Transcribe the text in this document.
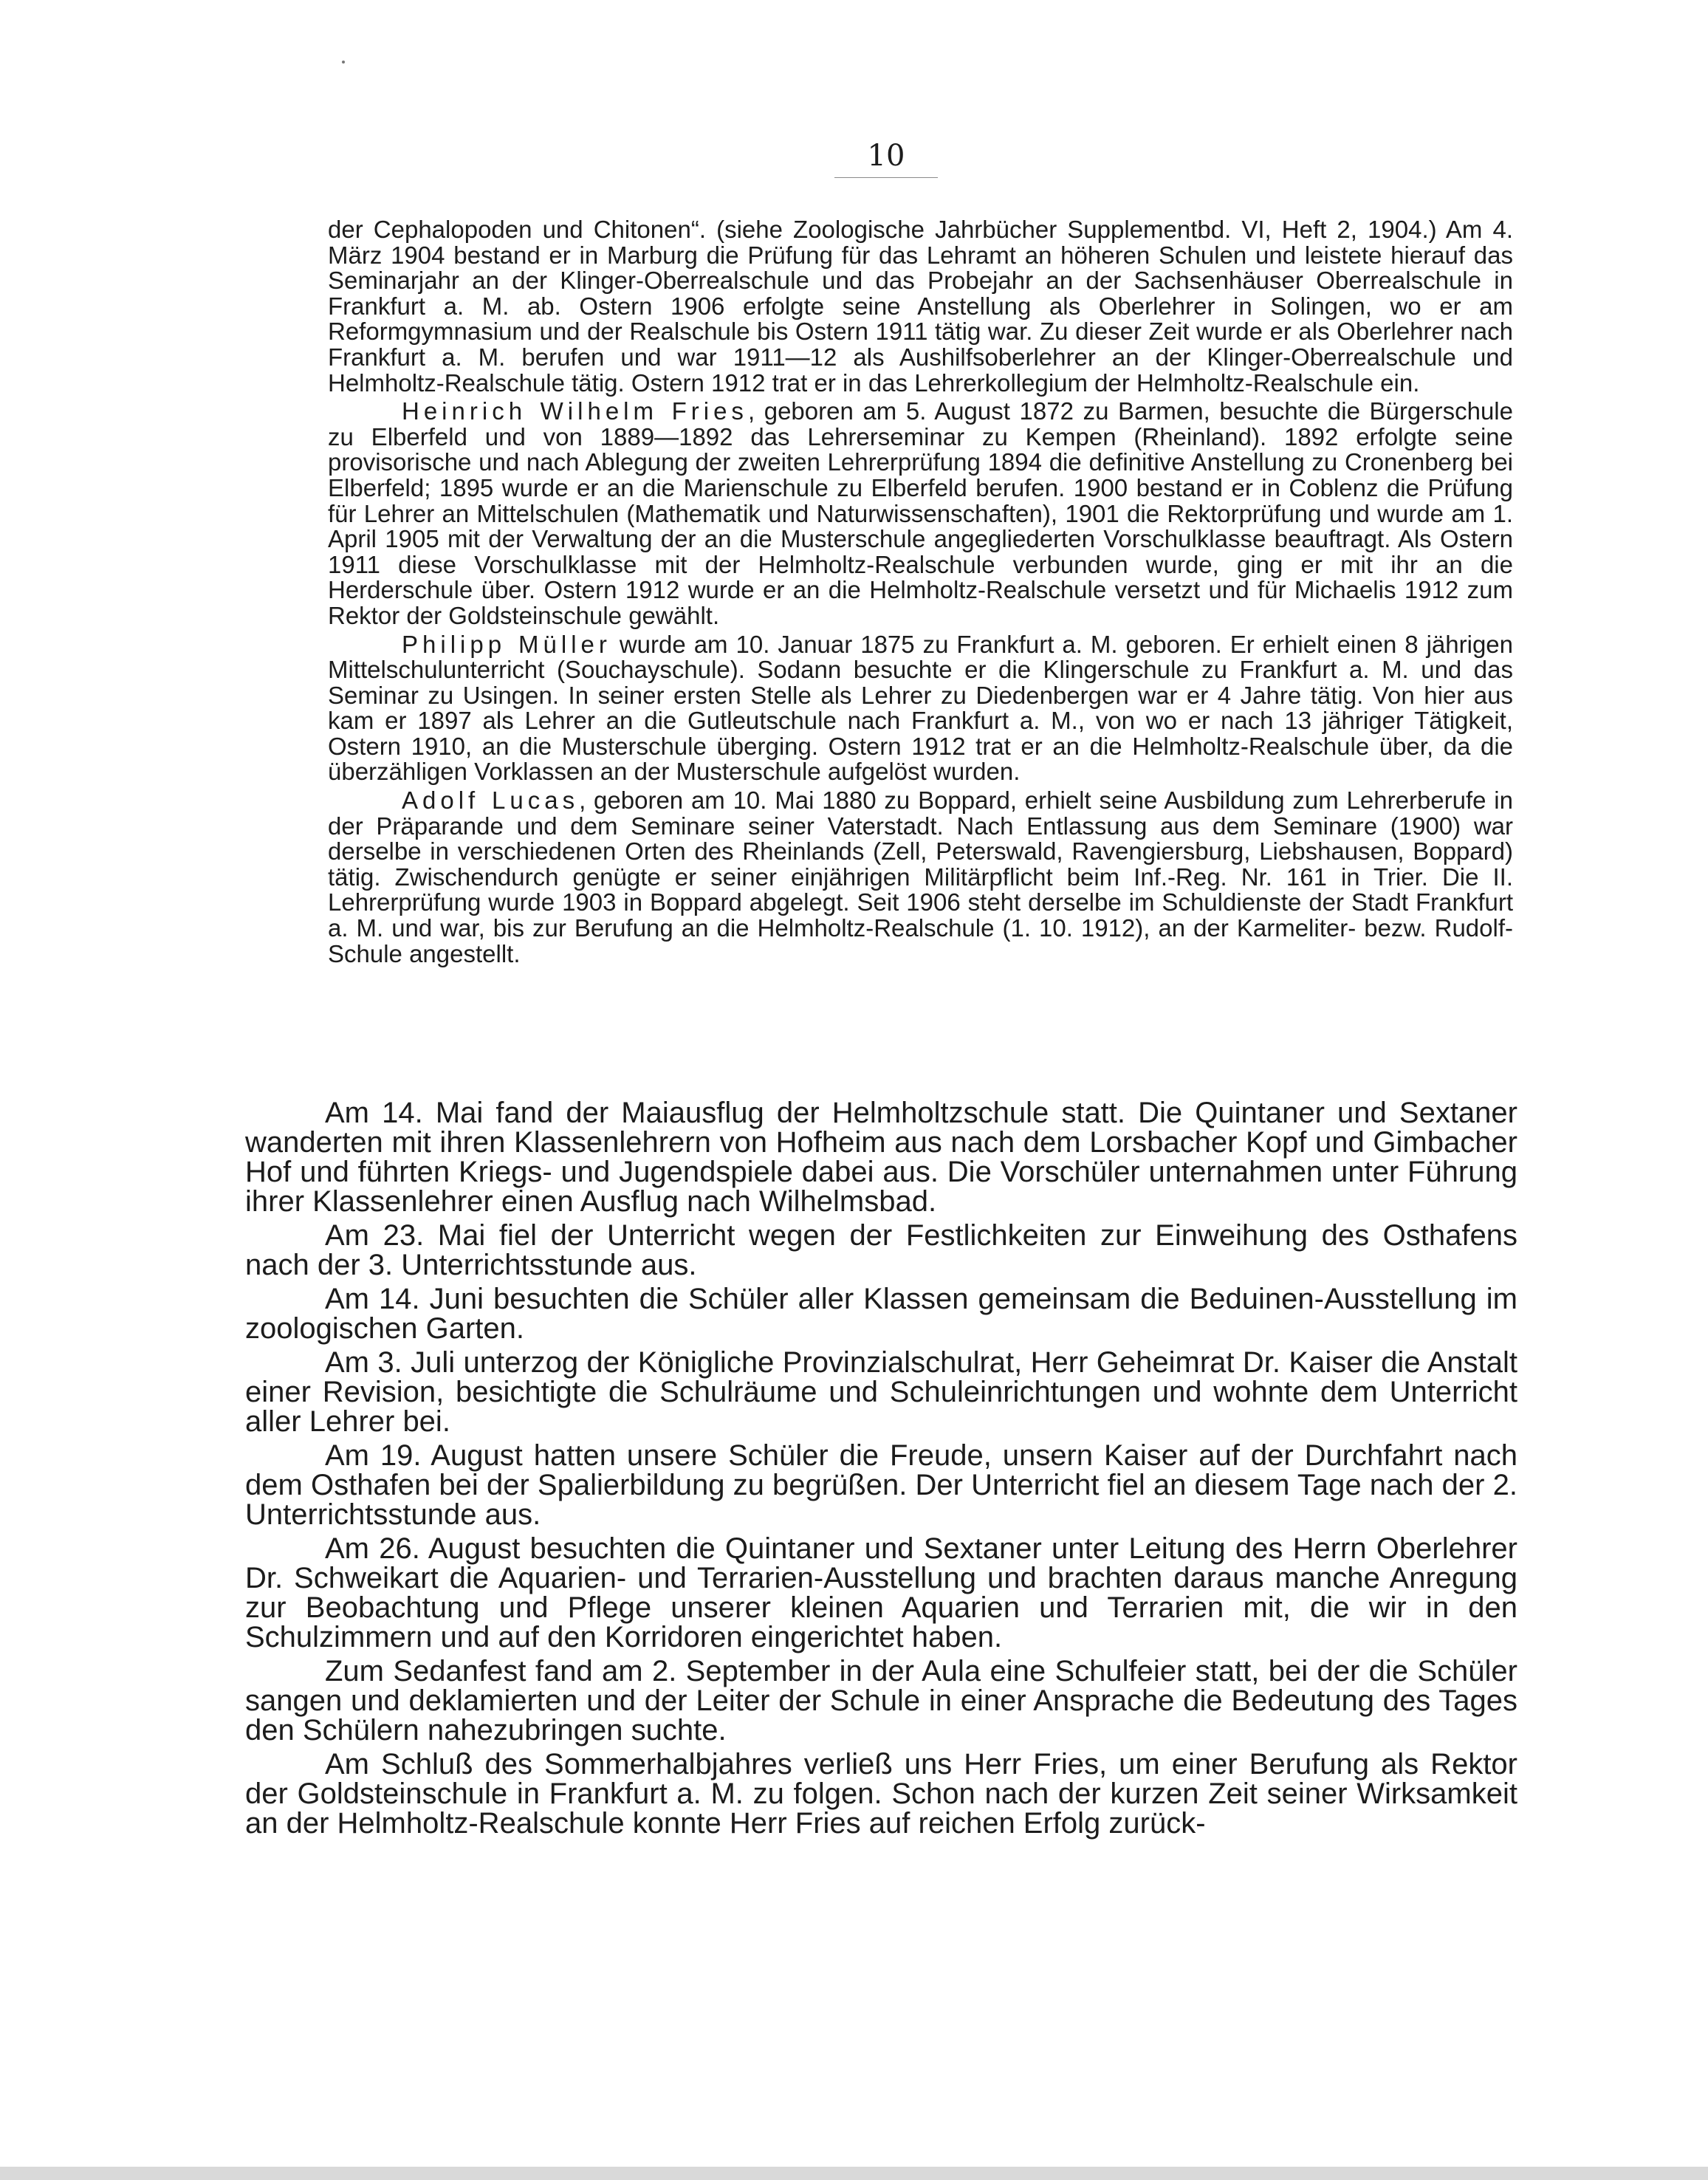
10

der Cephalopoden und Chitonen“. (siehe Zoologische Jahrbücher Supplementbd. VI, Heft 2, 1904.) Am 4. März 1904 bestand er in Marburg die Prüfung für das Lehramt an höheren Schulen und leistete hierauf das Seminarjahr an der Klinger-Oberrealschule und das Probejahr an der Sachsenhäuser Oberrealschule in Frankfurt a. M. ab. Ostern 1906 erfolgte seine Anstellung als Oberlehrer in Solingen, wo er am Reformgymnasium und der Realschule bis Ostern 1911 tätig war. Zu dieser Zeit wurde er als Oberlehrer nach Frankfurt a. M. berufen und war 1911—12 als Aushilfsoberlehrer an der Klinger-Oberrealschule und Helmholtz-Realschule tätig. Ostern 1912 trat er in das Lehrerkollegium der Helmholtz-Realschule ein.

Heinrich Wilhelm Fries, geboren am 5. August 1872 zu Barmen, besuchte die Bürgerschule zu Elberfeld und von 1889—1892 das Lehrerseminar zu Kempen (Rheinland). 1892 erfolgte seine provisorische und nach Ablegung der zweiten Lehrerprüfung 1894 die definitive Anstellung zu Cronenberg bei Elberfeld; 1895 wurde er an die Marienschule zu Elberfeld berufen. 1900 bestand er in Coblenz die Prüfung für Lehrer an Mittelschulen (Mathematik und Naturwissenschaften), 1901 die Rektorprüfung und wurde am 1. April 1905 mit der Verwaltung der an die Musterschule angegliederten Vorschulklasse beauftragt. Als Ostern 1911 diese Vorschulklasse mit der Helmholtz-Realschule verbunden wurde, ging er mit ihr an die Herderschule über. Ostern 1912 wurde er an die Helmholtz-Realschule versetzt und für Michaelis 1912 zum Rektor der Goldsteinschule gewählt.

Philipp Müller wurde am 10. Januar 1875 zu Frankfurt a. M. geboren. Er erhielt einen 8 jährigen Mittelschulunterricht (Souchayschule). Sodann besuchte er die Klingerschule zu Frankfurt a. M. und das Seminar zu Usingen. In seiner ersten Stelle als Lehrer zu Diedenbergen war er 4 Jahre tätig. Von hier aus kam er 1897 als Lehrer an die Gutleutschule nach Frankfurt a. M., von wo er nach 13 jähriger Tätigkeit, Ostern 1910, an die Musterschule überging. Ostern 1912 trat er an die Helmholtz-Realschule über, da die überzähligen Vorklassen an der Musterschule aufgelöst wurden.

Adolf Lucas, geboren am 10. Mai 1880 zu Boppard, erhielt seine Ausbildung zum Lehrerberufe in der Präparande und dem Seminare seiner Vaterstadt. Nach Entlassung aus dem Seminare (1900) war derselbe in verschiedenen Orten des Rheinlands (Zell, Peterswald, Ravengiersburg, Liebshausen, Boppard) tätig. Zwischendurch genügte er seiner einjährigen Militärpflicht beim Inf.-Reg. Nr. 161 in Trier. Die II. Lehrerprüfung wurde 1903 in Boppard abgelegt. Seit 1906 steht derselbe im Schuldienste der Stadt Frankfurt a. M. und war, bis zur Berufung an die Helmholtz-Realschule (1. 10. 1912), an der Karmeliter- bezw. Rudolf-Schule angestellt.

Am 14. Mai fand der Maiausflug der Helmholtzschule statt. Die Quintaner und Sextaner wanderten mit ihren Klassenlehrern von Hofheim aus nach dem Lorsbacher Kopf und Gimbacher Hof und führten Kriegs- und Jugendspiele dabei aus. Die Vorschüler unternahmen unter Führung ihrer Klassenlehrer einen Ausflug nach Wilhelmsbad.

Am 23. Mai fiel der Unterricht wegen der Festlichkeiten zur Einweihung des Osthafens nach der 3. Unterrichtsstunde aus.

Am 14. Juni besuchten die Schüler aller Klassen gemeinsam die Beduinen-Ausstellung im zoologischen Garten.

Am 3. Juli unterzog der Königliche Provinzialschulrat, Herr Geheimrat Dr. Kaiser die Anstalt einer Revision, besichtigte die Schulräume und Schuleinrichtungen und wohnte dem Unterricht aller Lehrer bei.

Am 19. August hatten unsere Schüler die Freude, unsern Kaiser auf der Durchfahrt nach dem Osthafen bei der Spalierbildung zu begrüßen. Der Unterricht fiel an diesem Tage nach der 2. Unterrichtsstunde aus.

Am 26. August besuchten die Quintaner und Sextaner unter Leitung des Herrn Oberlehrer Dr. Schweikart die Aquarien- und Terrarien-Ausstellung und brachten daraus manche Anregung zur Beobachtung und Pflege unserer kleinen Aquarien und Terrarien mit, die wir in den Schulzimmern und auf den Korridoren eingerichtet haben.

Zum Sedanfest fand am 2. September in der Aula eine Schulfeier statt, bei der die Schüler sangen und deklamierten und der Leiter der Schule in einer Ansprache die Bedeutung des Tages den Schülern nahezubringen suchte.

Am Schluß des Sommerhalbjahres verließ uns Herr Fries, um einer Berufung als Rektor der Goldsteinschule in Frankfurt a. M. zu folgen. Schon nach der kurzen Zeit seiner Wirksamkeit an der Helmholtz-Realschule konnte Herr Fries auf reichen Erfolg zurück-
